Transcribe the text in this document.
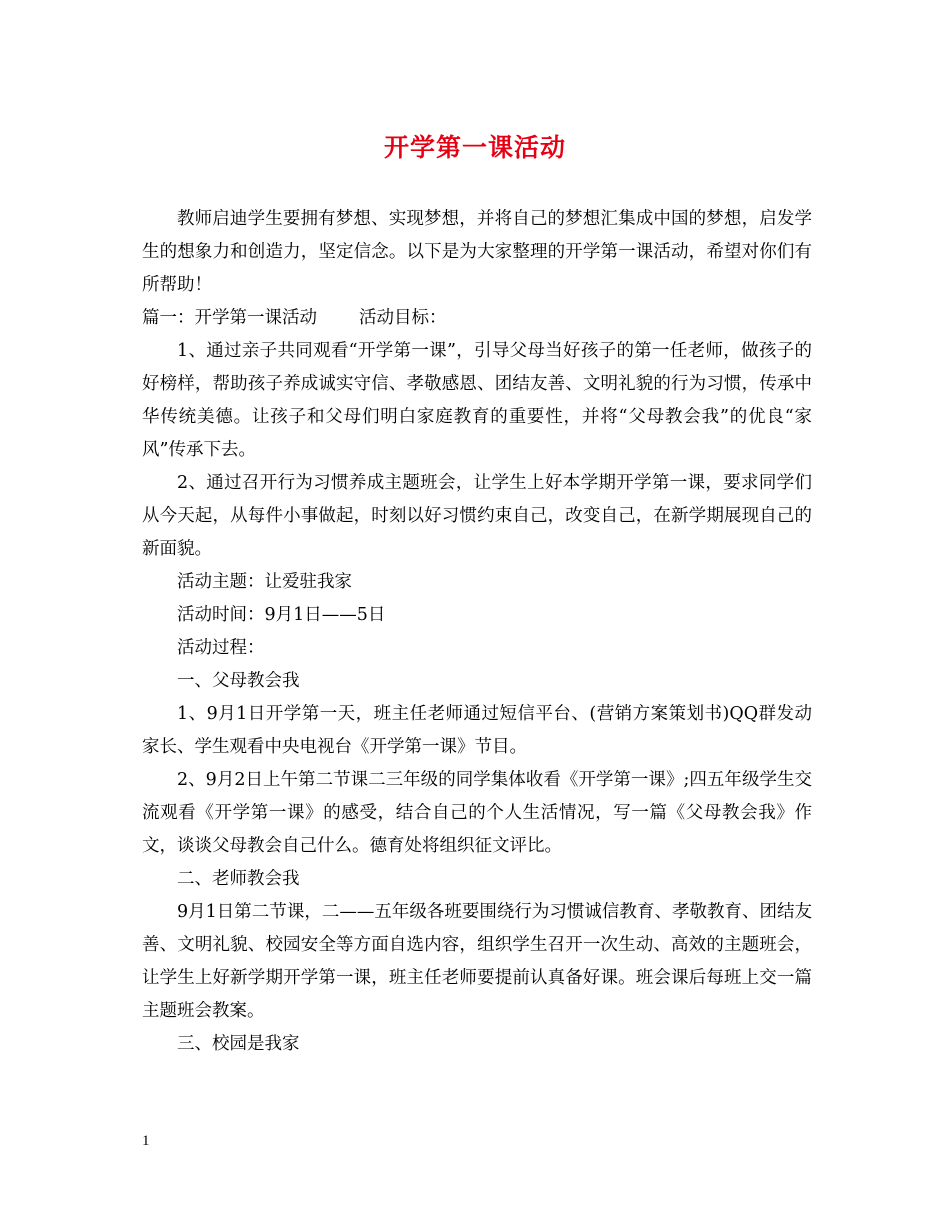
开学第一课活动

教师启迪学生要拥有梦想、实现梦想，并将自己的梦想汇集成中国的梦想，启发学生的想象力和创造力，坚定信念。以下是为大家整理的开学第一课活动，希望对你们有所帮助！

篇一：开学第一课活动 活动目标：

1、通过亲子共同观看“开学第一课”，引导父母当好孩子的第一任老师，做孩子的好榜样，帮助孩子养成诚实守信、孝敬感恩、团结友善、文明礼貌的行为习惯，传承中华传统美德。让孩子和父母们明白家庭教育的重要性，并将“父母教会我”的优良“家风”传承下去。

2、通过召开行为习惯养成主题班会，让学生上好本学期开学第一课，要求同学们从今天起，从每件小事做起，时刻以好习惯约束自己，改变自己，在新学期展现自己的新面貌。

活动主题：让爱驻我家

活动时间：9月1日——5日

活动过程：

一、父母教会我

1、9月1日开学第一天，班主任老师通过短信平台、(营销方案策划书)QQ群发动家长、学生观看中央电视台《开学第一课》节目。

2、9月2日上午第二节课二三年级的同学集体收看《开学第一课》;四五年级学生交流观看《开学第一课》的感受，结合自己的个人生活情况，写一篇《父母教会我》作文，谈谈父母教会自己什么。德育处将组织征文评比。

二、老师教会我

9月1日第二节课，二——五年级各班要围绕行为习惯诚信教育、孝敬教育、团结友善、文明礼貌、校园安全等方面自选内容，组织学生召开一次生动、高效的主题班会，让学生上好新学期开学第一课，班主任老师要提前认真备好课。班会课后每班上交一篇主题班会教案。

三、校园是我家

1
